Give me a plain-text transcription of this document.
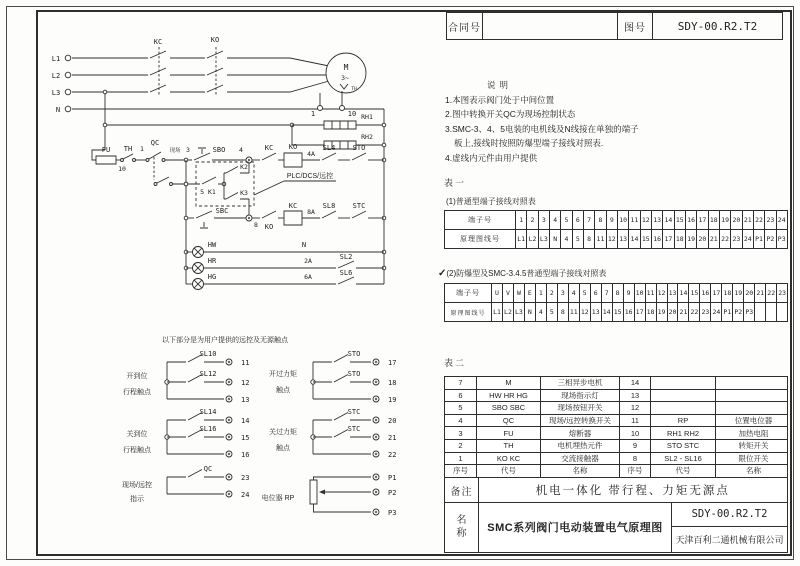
合同号	图号	SDY-00.R2.T2
说明
1.本图表示阀门处于中间位置
2.图中转换开关QC为现场控制状态
3.SMC-3、4、5电装的电机线及N线接在单独的端子
板上,接线时按照防爆型端子接线对照表.
4.虚线内元件由用户提供
表一
(1)普通型端子接线对照表
端子号	1	2	3	4	5	6	7	8	9 10 11 12 13 14 15 16 17 18 19 20 21 22 23 24
原理图线号	L1 L2 L3 N	4	5	8 11 12 13 14 15 16 17 18 19 20 21 22 23 24 P1 P2 P3
✓(2)防爆型及SMC-3.4.5普通型端子接线对照表
端子号	U	V	W	E	1	2	3	4	5	6	7	8	9 10 11 12 13 14 15 16 17 18 19 20 21 22 23
原理图线号	L1 L2 L3 N	4	5	8 11 12 13 14 15 16 17 18 19 20 21 22 23 24 P1 P2 P3
表二
7	M	三相异步电机	14
6	HW HR HG	现场指示灯	13
5	SBO SBC	现场按钮开关	12
4	QC	现场/远控转换开关	11	RP	位置电位器
3	FU	熔断器	10	RH1 RH2	加热电阻
2	TH	电机埋热元件	9	STO STC	转矩开关
1	KO KC	交流接触器	8	SL2 - SL16	限位开关
序号	代号	名称	序号	代号	名称
备注	机电一体化 带行程、力矩无源点
名
称 SMC系列阀门电动装置电气原理图
SDY-00.R2.T2
天津百利二通机械有限公司
L1
L2
L3
N
KC	KO
M
3~
TH
1	10 RH1
RH2
FU TH
10
1
QC
现场 3	SBO 4	KC KO
4A
SL4 STO
PLC/DCS/远控
5 K1
K2
K3
SBC
8 KO
KC
8A
SL8 STC
N
HW
HR
HG
2A	SL2
6A	SL6
以下部分是为用户提供的远控及无源触点
开到位
行程触点
SL10
SL12
11
12
13
关到位
行程触点
SL14
SL16
14
15
16
现场/远控
指示
QC
23
24
开过力矩
触点
STO
STO
17
18
19
关过力矩
触点
STC
STC
20
21
22
电位器 RP
P1
P2
P3
